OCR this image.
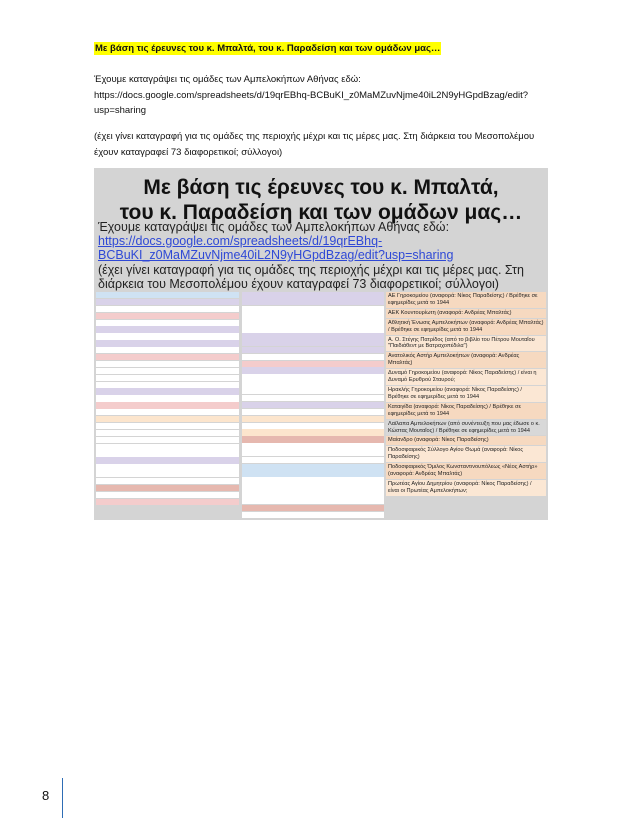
Με βάση τις έρευνες του κ. Μπαλτά, του κ. Παραδείση και των ομάδων μας…
Έχουμε καταγράψει τις ομάδες των Αμπελοκήπων Αθήνας εδώ: https://docs.google.com/spreadsheets/d/19qrEBhq-BCBuKI_z0MaMZuvNjme40iL2N9yHGpdBzag/edit?usp=sharing
(έχει γίνει καταγραφή για τις ομάδες της περιοχής μέχρι και τις μέρες μας. Στη διάρκεια του Μεσοπολέμου έχουν καταγραφεί 73 διαφορετικοί; σύλλογοι)
Με βάση τις έρευνες του κ. Μπαλτά,
του κ. Παραδείση και των ομάδων μας…
Έχουμε καταγράψει τις ομάδες των Αμπελοκήπων Αθήνας εδώ:
https://docs.google.com/spreadsheets/d/19qrEBhq-
BCBuKI_z0MaMZuvNjme40iL2N9yHGpdBzag/edit?usp=sharing
(έχει γίνει καταγραφή για τις ομάδες της περιοχής μέχρι και τις μέρες μας. Στη
διάρκεια του Μεσοπολέμου έχουν καταγραφεί 73 διαφορετικοί; σύλλογοι)
ΑΕ Γηροκομείου (αναφορά: Νίκος Παραδείσης) / Βρέθηκε σε εφημερίδες μετά το 1944
ΑΕΚ Κουντουρίωτη (αναφορά: Ανδρέας Μπαλτάς)
Αθλητική Ένωσις Αμπελοκήπων (αναφορά: Ανδρέας Μπαλτάς) / Βρέθηκε σε εφημερίδες μετά το 1944
Α. Ο. Στέγης Πατρίδος (από το βιβλίο του Πέτρου Μουταΐου "Παιδιάθεντ με Βατραχοπέδιλα")
Ανατολικός Αστήρ Αμπελοκήπων (αναφορά: Ανδρέας Μπαλτάς)
Δυναμό Γηροκομείου (αναφορά: Νίκος Παραδείσης) / είναι η Δυναμό Ερυθρού Σταυρού;
Ηρακλής Γηροκομείου (αναφορά: Νίκος Παραδείσης) / Βρέθηκε σε εφημερίδες μετά το 1944
Καταιγίδα (αναφορά: Νίκος Παραδείσης) / Βρέθηκε σε εφημερίδες μετά το 1944
Λαϊλαπα Αμπελοκήπων (από συνέντευξη που μας έδωσε ο κ. Κώστας Μουταΐος) / Βρέθηκε σε εφημερίδες μετά το 1944
Μαίανδρο (αναφορά: Νίκος Παραδείσης)
Ποδοσφαιρικός Σύλλογο Αγίου Θωμά (αναφορά: Νίκος Παραδείσης)
Ποδοσφαιρικός Όμιλος Κωνσταντινουπόλεως «Νέος Αστήρ» (αναφορά: Ανδρέας Μπαλτάς)
Πρωτέας Αγίου Δημητρίου (αναφορά: Νίκος Παραδείσης) / είναι οι Πρωτέας Αμπελοκήπων;
8
